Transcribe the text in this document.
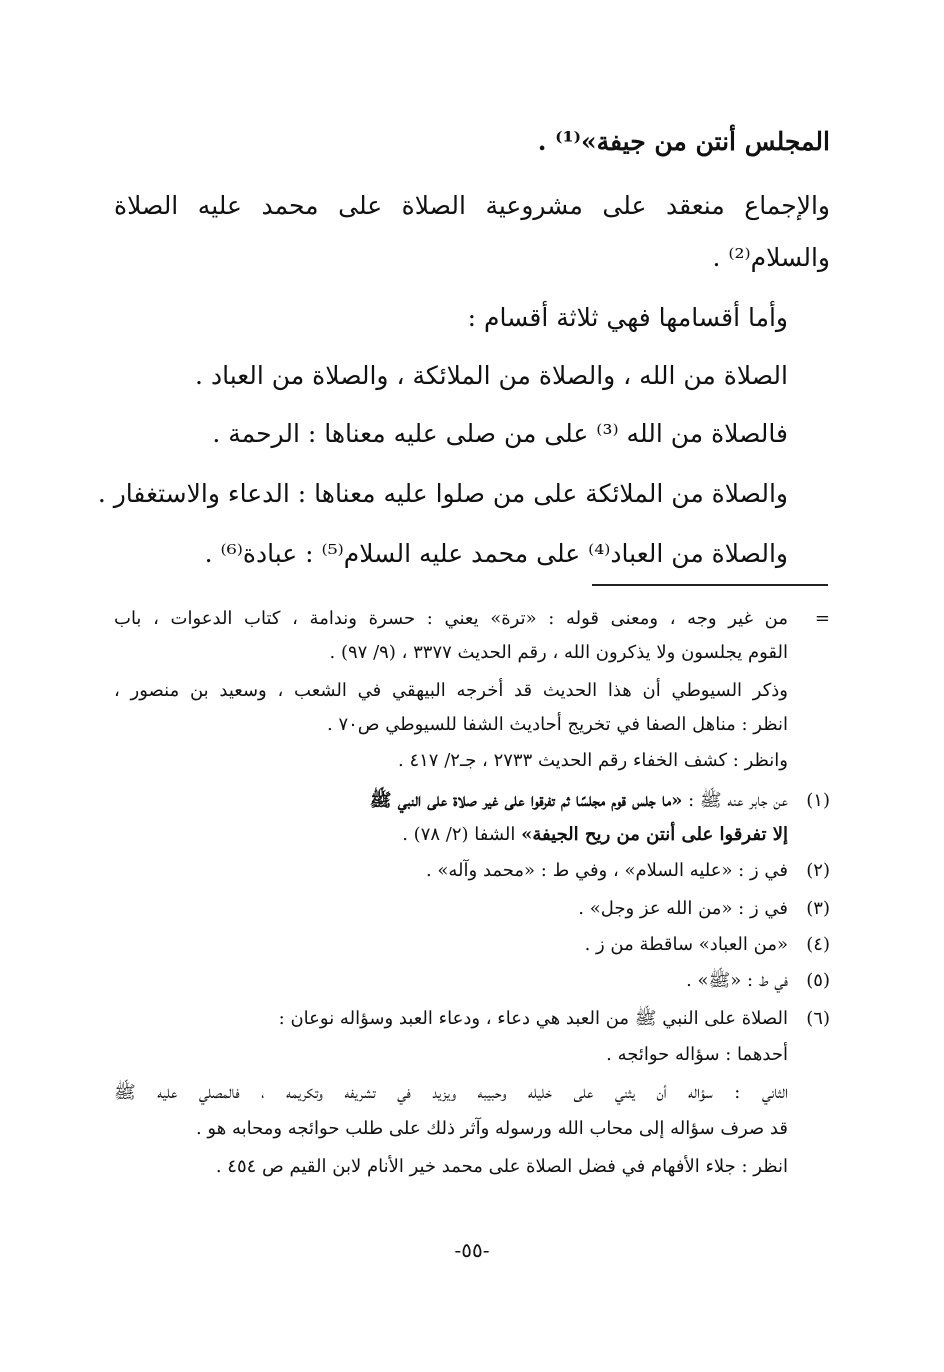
المجلس أنتن من جيفة»⁽¹⁾ .
والإجماع منعقد على مشروعية الصلاة على محمد عليه الصلاة
والسلام⁽²⁾ .
وأما أقسامها فهي ثلاثة أقسام :
الصلاة من الله ، والصلاة من الملائكة ، والصلاة من العباد .
فالصلاة من الله ⁽³⁾ على من صلى عليه معناها : الرحمة .
والصلاة من الملائكة على من صلوا عليه معناها : الدعاء والاستغفار .
والصلاة من العباد⁽⁴⁾ على محمد عليه السلام⁽⁵⁾ : عبادة⁽⁶⁾ .
=
من غير وجه ، ومعنى قوله : «ترة» يعني : حسرة وندامة ، كتاب الدعوات ، باب
القوم يجلسون ولا يذكرون الله ، رقم الحديث ٣٣٧٧ ، (٩/ ٩٧) .
وذكر السيوطي أن هذا الحديث قد أخرجه البيهقي في الشعب ، وسعيد بن منصور ،
انظر : مناهل الصفا في تخريج أحاديث الشفا للسيوطي ص٧٠ .
وانظر : كشف الخفاء رقم الحديث ٢٧٣٣ ، جـ٢/ ٤١٧ .
(١)
عن جابر عنه ﷺ : «ما جلس قوم مجلسًا ثم تفرقوا على غير صلاة على النبي ﷺ
إلا تفرقوا على أنتن من ريح الجيفة» الشفا (٢/ ٧٨) .
(٢)
في ز : «عليه السلام» ، وفي ط : «محمد وآله» .
(٣)
في ز : «من الله عز وجل» .
(٤)
«من العباد» ساقطة من ز .
(٥)
في ط : «ﷺ» .
(٦)
الصلاة على النبي ﷺ من العبد هي دعاء ، ودعاء العبد وسؤاله نوعان :
أحدهما : سؤاله حوائجه .
الثاني : سؤاله أن يثني على خليله وحبيبه ويزيد في تشريفه وتكريمه ، فالمصلي عليه ﷺ
قد صرف سؤاله إلى محاب الله ورسوله وآثر ذلك على طلب حوائجه ومحابه هو .
انظر : جلاء الأفهام في فضل الصلاة على محمد خير الأنام لابن القيم ص ٤٥٤ .
-٥٥-
